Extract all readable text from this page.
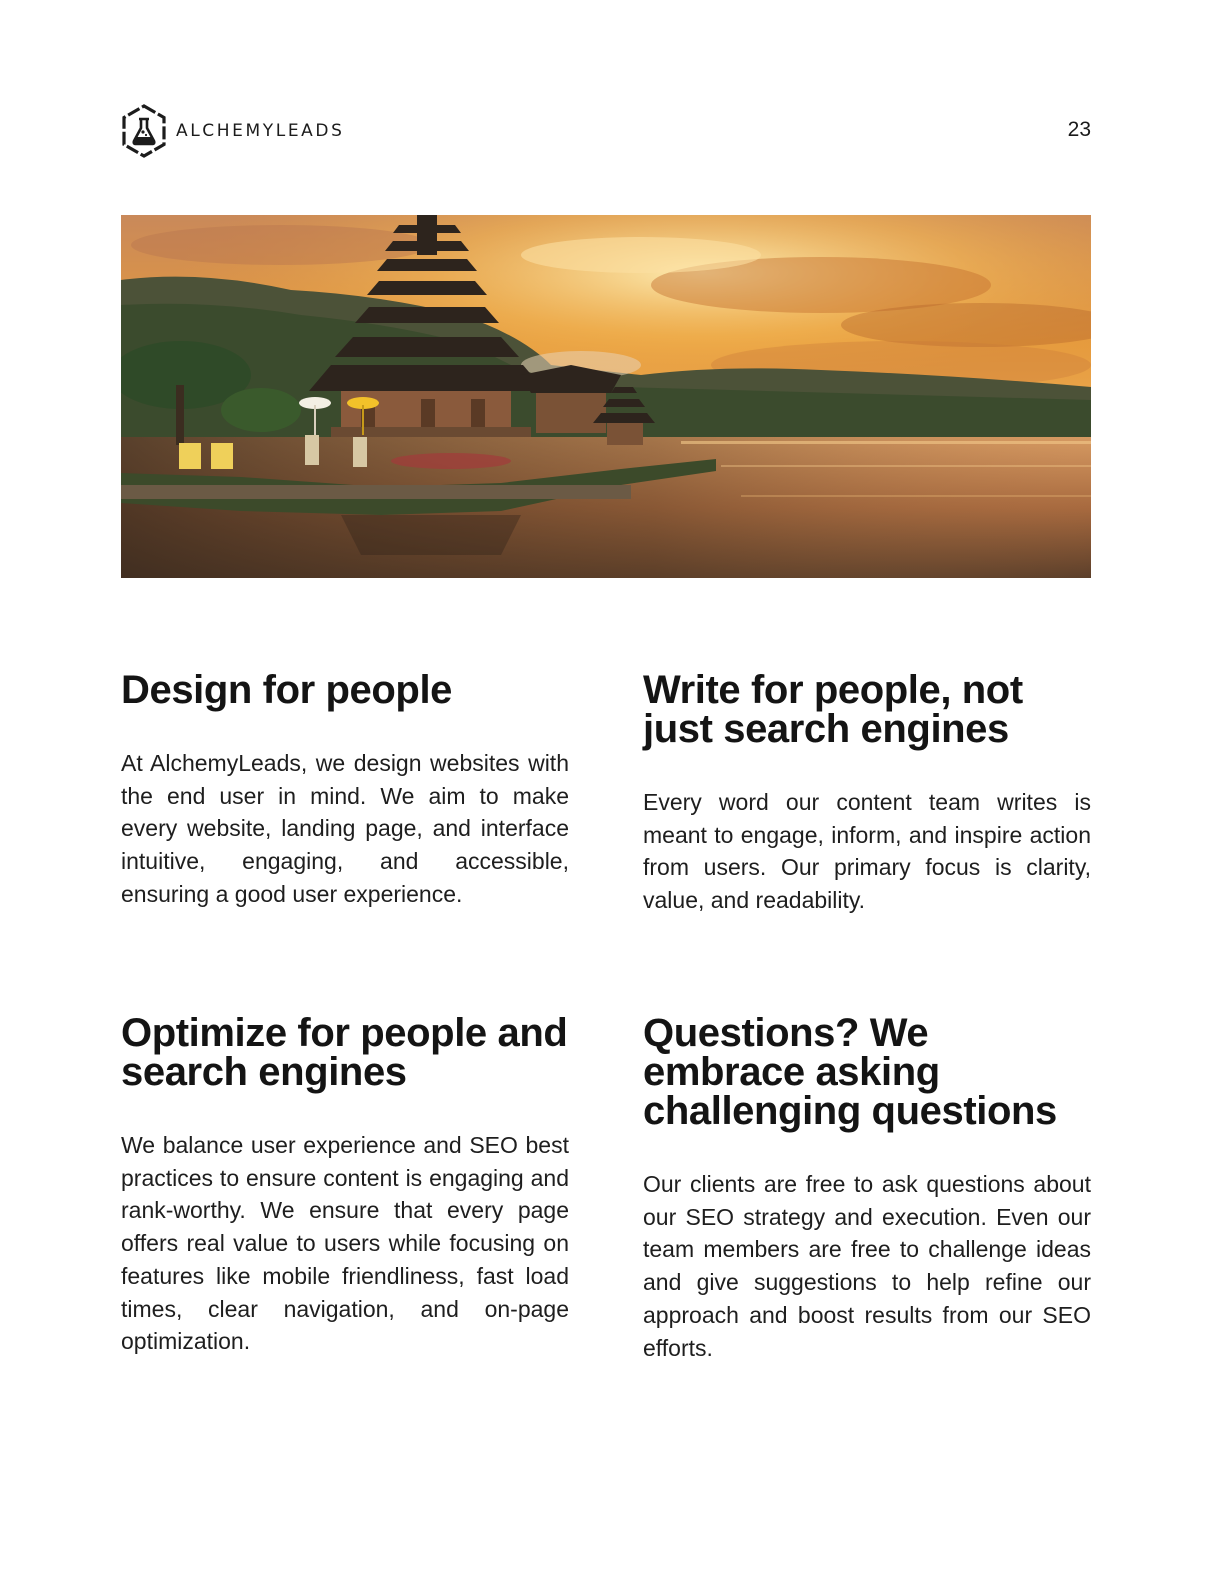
ALCHEMYLEADS	23
Design for people

At AlchemyLeads, we design websites with the end user in mind. We aim to make every website, landing page, and interface intuitive, engaging, and accessible, ensuring a good user experience.

Write for people, not just search engines

Every word our content team writes is meant to engage, inform, and inspire action from users. Our primary focus is clarity, value, and readability.

Optimize for people and search engines

We balance user experience and SEO best practices to ensure content is engaging and rank-worthy. We ensure that every page offers real value to users while focusing on features like mobile friendliness, fast load times, clear navigation, and on-page optimization.

Questions? We embrace asking challenging questions

Our clients are free to ask questions about our SEO strategy and execution. Even our team members are free to challenge ideas and give suggestions to help refine our approach and boost results from our SEO efforts.
